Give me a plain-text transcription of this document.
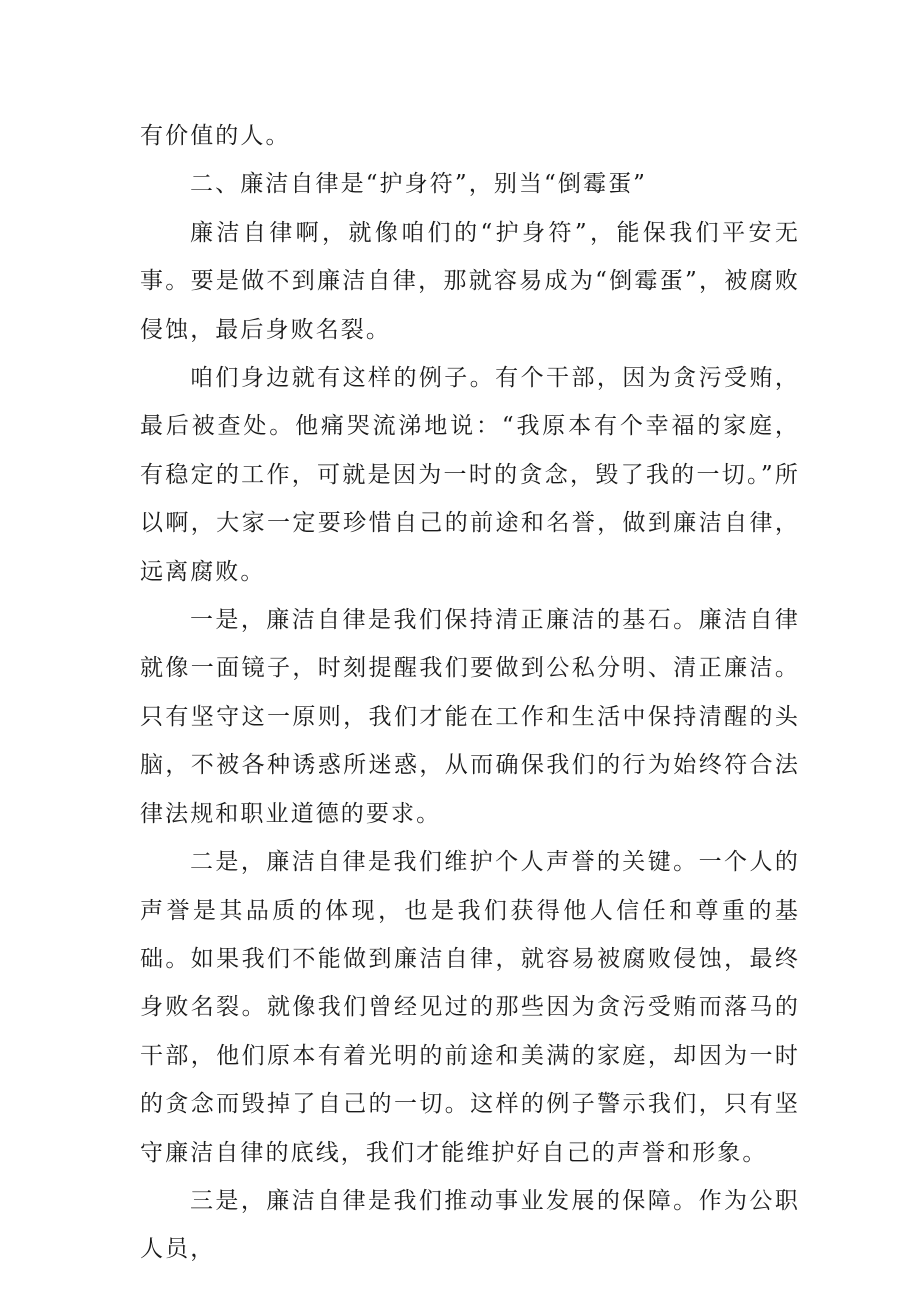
有价值的人。

二、廉洁自律是“护身符”，别当“倒霉蛋”

廉洁自律啊，就像咱们的“护身符”，能保我们平安无事。要是做不到廉洁自律，那就容易成为“倒霉蛋”，被腐败侵蚀，最后身败名裂。

咱们身边就有这样的例子。有个干部，因为贪污受贿，最后被查处。他痛哭流涕地说：“我原本有个幸福的家庭，有稳定的工作，可就是因为一时的贪念，毁了我的一切。”所以啊，大家一定要珍惜自己的前途和名誉，做到廉洁自律，远离腐败。

一是，廉洁自律是我们保持清正廉洁的基石。廉洁自律就像一面镜子，时刻提醒我们要做到公私分明、清正廉洁。只有坚守这一原则，我们才能在工作和生活中保持清醒的头脑，不被各种诱惑所迷惑，从而确保我们的行为始终符合法律法规和职业道德的要求。

二是，廉洁自律是我们维护个人声誉的关键。一个人的声誉是其品质的体现，也是我们获得他人信任和尊重的基础。如果我们不能做到廉洁自律，就容易被腐败侵蚀，最终身败名裂。就像我们曾经见过的那些因为贪污受贿而落马的干部，他们原本有着光明的前途和美满的家庭，却因为一时的贪念而毁掉了自己的一切。这样的例子警示我们，只有坚守廉洁自律的底线，我们才能维护好自己的声誉和形象。

三是，廉洁自律是我们推动事业发展的保障。作为公职人员，
